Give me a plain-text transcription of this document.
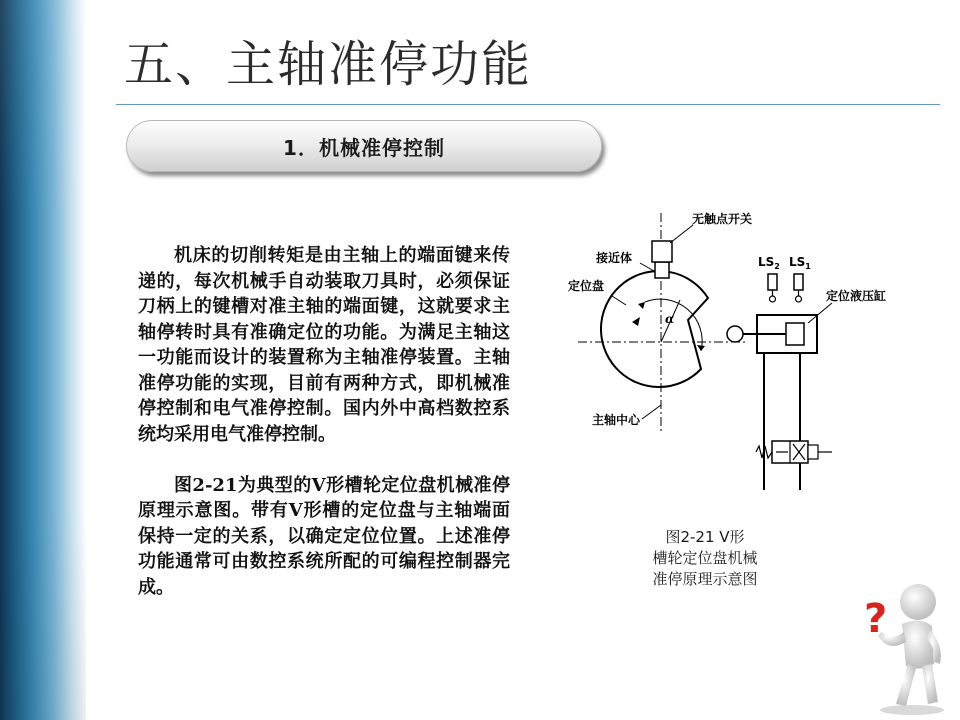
五、主轴准停功能
1．机械准停控制

机床的切削转矩是由主轴上的端面键来传递的，每次机械手自动装取刀具时，必须保证刀柄上的键槽对准主轴的端面键，这就要求主轴停转时具有准确定位的功能。为满足主轴这一功能而设计的装置称为主轴准停装置。主轴准停功能的实现，目前有两种方式，即机械准停控制和电气准停控制。国内外中高档数控系统均采用电气准停控制。

图2-21为典型的V形槽轮定位盘机械准停原理示意图。带有V形槽的定位盘与主轴端面保持一定的关系，以确定定位位置。上述准停功能通常可由数控系统所配的可编程控制器完成。

无触点开关
接近体
定位盘
$LS_2$ $LS_1$
定位液压缸
α
主轴中心
图2-21 V形
槽轮定位盘机械
准停原理示意图
?
